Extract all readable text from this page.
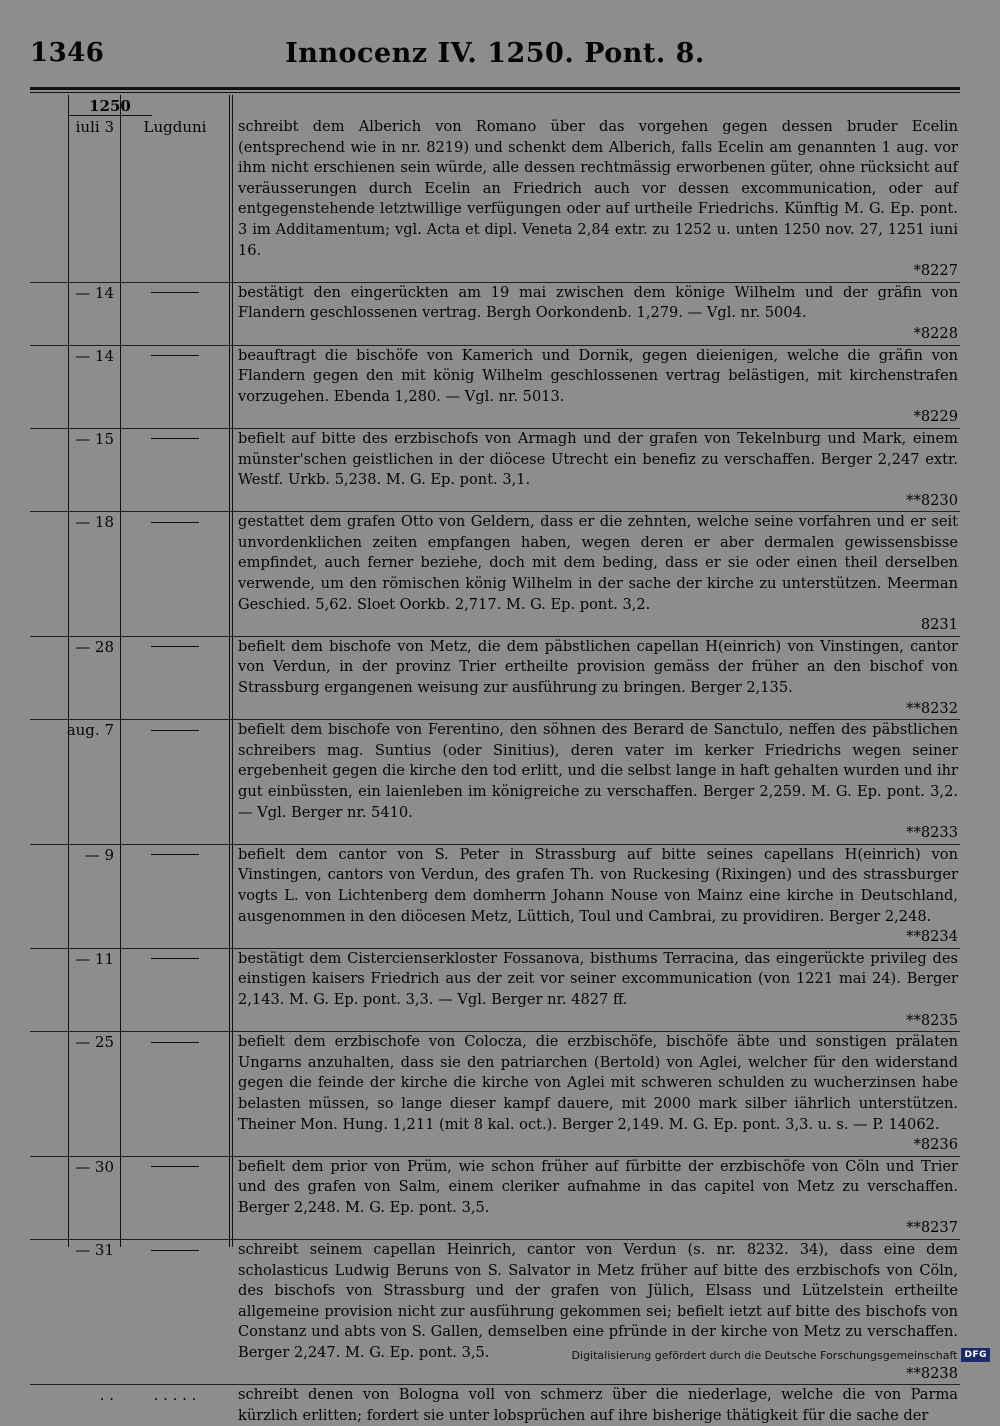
1346	Innocenz IV. 1250. Pont. 8.
1250
iuli 3	Lugduni	schreibt dem Alberich von Romano über das vorgehen gegen dessen bruder Ecelin (entsprechend wie in nr. 8219) und schenkt dem Alberich, falls Ecelin am genannten 1 aug. vor ihm nicht erschienen sein würde, alle dessen rechtmässig erworbenen güter, ohne rücksicht auf veräusserungen durch Ecelin an Friedrich auch vor dessen excommunication, oder auf entgegenstehende letztwillige verfügungen oder auf urtheile Friedrichs. Künftig M. G. Ep. pont. 3 im Additamentum; vgl. Acta et dipl. Veneta 2,84 extr. zu 1252 u. unten 1250 nov. 27, 1251 iuni 16.
*8227
— 14	bestätigt den eingerückten am 19 mai zwischen dem könige Wilhelm und der gräfin von Flandern geschlossenen vertrag. Bergh Oorkondenb. 1,279. — Vgl. nr. 5004.
*8228
— 14	beauftragt die bischöfe von Kamerich und Dornik, gegen dieienigen, welche die gräfin von Flandern gegen den mit könig Wilhelm geschlossenen vertrag belästigen, mit kirchenstrafen vorzugehen. Ebenda 1,280. — Vgl. nr. 5013.
*8229
— 15	befielt auf bitte des erzbischofs von Armagh und der grafen von Tekelnburg und Mark, einem münster'schen geistlichen in der diöcese Utrecht ein benefiz zu verschaffen. Berger 2,247 extr. Westf. Urkb. 5,238. M. G. Ep. pont. 3,1.
**8230
— 18	gestattet dem grafen Otto von Geldern, dass er die zehnten, welche seine vorfahren und er seit unvordenklichen zeiten empfangen haben, wegen deren er aber dermalen gewissensbisse empfindet, auch ferner beziehe, doch mit dem beding, dass er sie oder einen theil derselben verwende, um den römischen könig Wilhelm in der sache der kirche zu unterstützen. Meerman Geschied. 5,62. Sloet Oorkb. 2,717. M. G. Ep. pont. 3,2.
8231
— 28	befielt dem bischofe von Metz, die dem päbstlichen capellan H(einrich) von Vinstingen, cantor von Verdun, in der provinz Trier ertheilte provision gemäss der früher an den bischof von Strassburg ergangenen weisung zur ausführung zu bringen. Berger 2,135.
**8232
aug. 7	befielt dem bischofe von Ferentino, den söhnen des Berard de Sanctulo, neffen des päbstlichen schreibers mag. Suntius (oder Sinitius), deren vater im kerker Friedrichs wegen seiner ergebenheit gegen die kirche den tod erlitt, und die selbst lange in haft gehalten wurden und ihr gut einbüssten, ein laienleben im königreiche zu verschaffen. Berger 2,259. M. G. Ep. pont. 3,2. — Vgl. Berger nr. 5410.
**8233
— 9	befielt dem cantor von S. Peter in Strassburg auf bitte seines capellans H(einrich) von Vinstingen, cantors von Verdun, des grafen Th. von Ruckesing (Rixingen) und des strassburger vogts L. von Lichtenberg dem domherrn Johann Nouse von Mainz eine kirche in Deutschland, ausgenommen in den diöcesen Metz, Lüttich, Toul und Cambrai, zu providiren. Berger 2,248.
**8234
— 11	bestätigt dem Cistercienserkloster Fossanova, bisthums Terracina, das eingerückte privileg des einstigen kaisers Friedrich aus der zeit vor seiner excommunication (von 1221 mai 24). Berger 2,143. M. G. Ep. pont. 3,3. — Vgl. Berger nr. 4827 ff.
**8235
— 25	befielt dem erzbischofe von Colocza, die erzbischöfe, bischöfe äbte und sonstigen prälaten Ungarns anzuhalten, dass sie den patriarchen (Bertold) von Aglei, welcher für den widerstand gegen die feinde der kirche die kirche von Aglei mit schweren schulden zu wucherzinsen habe belasten müssen, so lange dieser kampf dauere, mit 2000 mark silber iährlich unterstützen. Theiner Mon. Hung. 1,211 (mit 8 kal. oct.). Berger 2,149. M. G. Ep. pont. 3,3. u. s. — P. 14062.
*8236
— 30	befielt dem prior von Prüm, wie schon früher auf fürbitte der erzbischöfe von Cöln und Trier und des grafen von Salm, einem cleriker aufnahme in das capitel von Metz zu verschaffen. Berger 2,248. M. G. Ep. pont. 3,5.
**8237
— 31	schreibt seinem capellan Heinrich, cantor von Verdun (s. nr. 8232. 34), dass eine dem scholasticus Ludwig Beruns von S. Salvator in Metz früher auf bitte des erzbischofs von Cöln, des bischofs von Strassburg und der grafen von Jülich, Elsass und Lützelstein ertheilte allgemeine provision nicht zur ausführung gekommen sei; befielt ietzt auf bitte des bischofs von Constanz und abts von S. Gallen, demselben eine pfründe in der kirche von Metz zu verschaffen. Berger 2,247. M. G. Ep. pont. 3,5.
**8238
. .	. . . . .	schreibt denen von Bologna voll von schmerz über die niederlage, welche die von Parma kürzlich erlitten; fordert sie unter lobsprüchen auf ihre bisherige thätigkeit für die sache der
Digitalisierung gefördert durch die Deutsche Forschungsgemeinschaft DFG
